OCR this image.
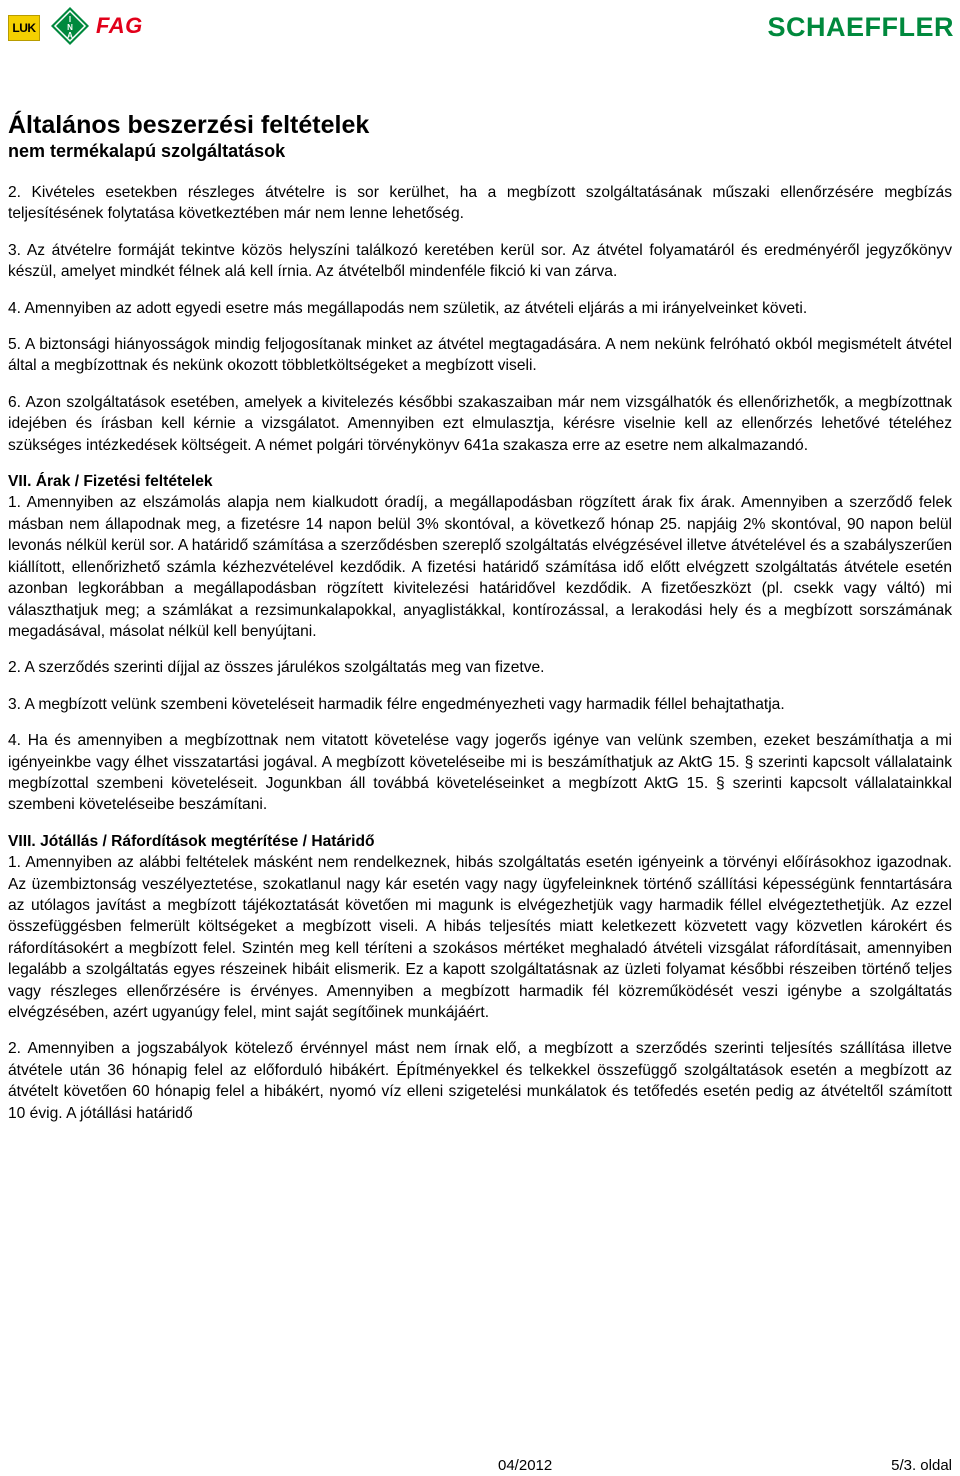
LUK
I
N
A FAG	SCHAEFFLER
Általános beszerzési feltételek
nem termékalapú szolgáltatások

2. Kivételes esetekben részleges átvételre is sor kerülhet, ha a megbízott szolgáltatásának műszaki ellenőrzésére megbízás teljesítésének folytatása következtében már nem lenne lehetőség.

3. Az átvételre formáját tekintve közös helyszíni találkozó keretében kerül sor. Az átvétel folyamatáról és eredményéről jegyzőkönyv készül, amelyet mindkét félnek alá kell írnia. Az átvételből mindenféle fikció ki van zárva.

4. Amennyiben az adott egyedi esetre más megállapodás nem születik, az átvételi eljárás a mi irányelveinket követi.

5. A biztonsági hiányosságok mindig feljogosítanak minket az átvétel megtagadására. A nem nekünk felróható okból megismételt átvétel által a megbízottnak és nekünk okozott többletköltségeket a megbízott viseli.

6. Azon szolgáltatások esetében, amelyek a kivitelezés későbbi szakaszaiban már nem vizsgálhatók és ellenőrizhetők, a megbízottnak idejében és írásban kell kérnie a vizsgálatot. Amennyiben ezt elmulasztja, kérésre viselnie kell az ellenőrzés lehetővé tételéhez szükséges intézkedések költségeit. A német polgári törvénykönyv 641a szakasza erre az esetre nem alkalmazandó.

VII. Árak / Fizetési feltételek

1. Amennyiben az elszámolás alapja nem kialkudott óradíj, a megállapodásban rögzített árak fix árak. Amennyiben a szerződő felek másban nem állapodnak meg, a fizetésre 14 napon belül 3% skontóval, a következő hónap 25. napjáig 2% skontóval, 90 napon belül levonás nélkül kerül sor. A határidő számítása a szerződésben szereplő szolgáltatás elvégzésével illetve átvételével és a szabályszerűen kiállított, ellenőrizhető számla kézhezvételével kezdődik. A fizetési határidő számítása idő előtt elvégzett szolgáltatás átvétele esetén azonban legkorábban a megállapodásban rögzített kivitelezési határidővel kezdődik. A fizetőeszközt (pl. csekk vagy váltó) mi választhatjuk meg; a számlákat a rezsimunkalapokkal, anyaglistákkal, kontírozással, a lerakodási hely és a megbízott sorszámának megadásával, másolat nélkül kell benyújtani.

2. A szerződés szerinti díjjal az összes járulékos szolgáltatás meg van fizetve.

3. A megbízott velünk szembeni követeléseit harmadik félre engedményezheti vagy harmadik féllel behajtathatja.

4. Ha és amennyiben a megbízottnak nem vitatott követelése vagy jogerős igénye van velünk szemben, ezeket beszámíthatja a mi igényeinkbe vagy élhet visszatartási jogával. A megbízott követeléseibe mi is beszámíthatjuk az AktG 15. § szerinti kapcsolt vállalataink megbízottal szembeni követeléseit. Jogunkban áll továbbá követeléseinket a megbízott AktG 15. § szerinti kapcsolt vállalatainkkal szembeni követeléseibe beszámítani.

VIII. Jótállás / Ráfordítások megtérítése / Határidő

1. Amennyiben az alábbi feltételek másként nem rendelkeznek, hibás szolgáltatás esetén igényeink a törvényi előírásokhoz igazodnak. Az üzembiztonság veszélyeztetése, szokatlanul nagy kár esetén vagy nagy ügyfeleinknek történő szállítási képességünk fenntartására az utólagos javítást a megbízott tájékoztatását követően mi magunk is elvégezhetjük vagy harmadik féllel elvégeztethetjük. Az ezzel összefüggésben felmerült költségeket a megbízott viseli. A hibás teljesítés miatt keletkezett közvetett vagy közvetlen károkért és ráfordításokért a megbízott felel. Szintén meg kell téríteni a szokásos mértéket meghaladó átvételi vizsgálat ráfordításait, amennyiben legalább a szolgáltatás egyes részeinek hibáit elismerik. Ez a kapott szolgáltatásnak az üzleti folyamat későbbi részeiben történő teljes vagy részleges ellenőrzésére is érvényes. Amennyiben a megbízott harmadik fél közreműködését veszi igénybe a szolgáltatás elvégzésében, azért ugyanúgy felel, mint saját segítőinek munkájáért.

2. Amennyiben a jogszabályok kötelező érvénnyel mást nem írnak elő, a megbízott a szerződés szerinti teljesítés szállítása illetve átvétele után 36 hónapig felel az előforduló hibákért. Építményekkel és telkekkel összefüggő szolgáltatások esetén a megbízott az átvételt követően 60 hónapig felel a hibákért, nyomó víz elleni szigetelési munkálatok és tetőfedés esetén pedig az átvételtől számított 10 évig. A jótállási határidő

04/2012	5/3. oldal
